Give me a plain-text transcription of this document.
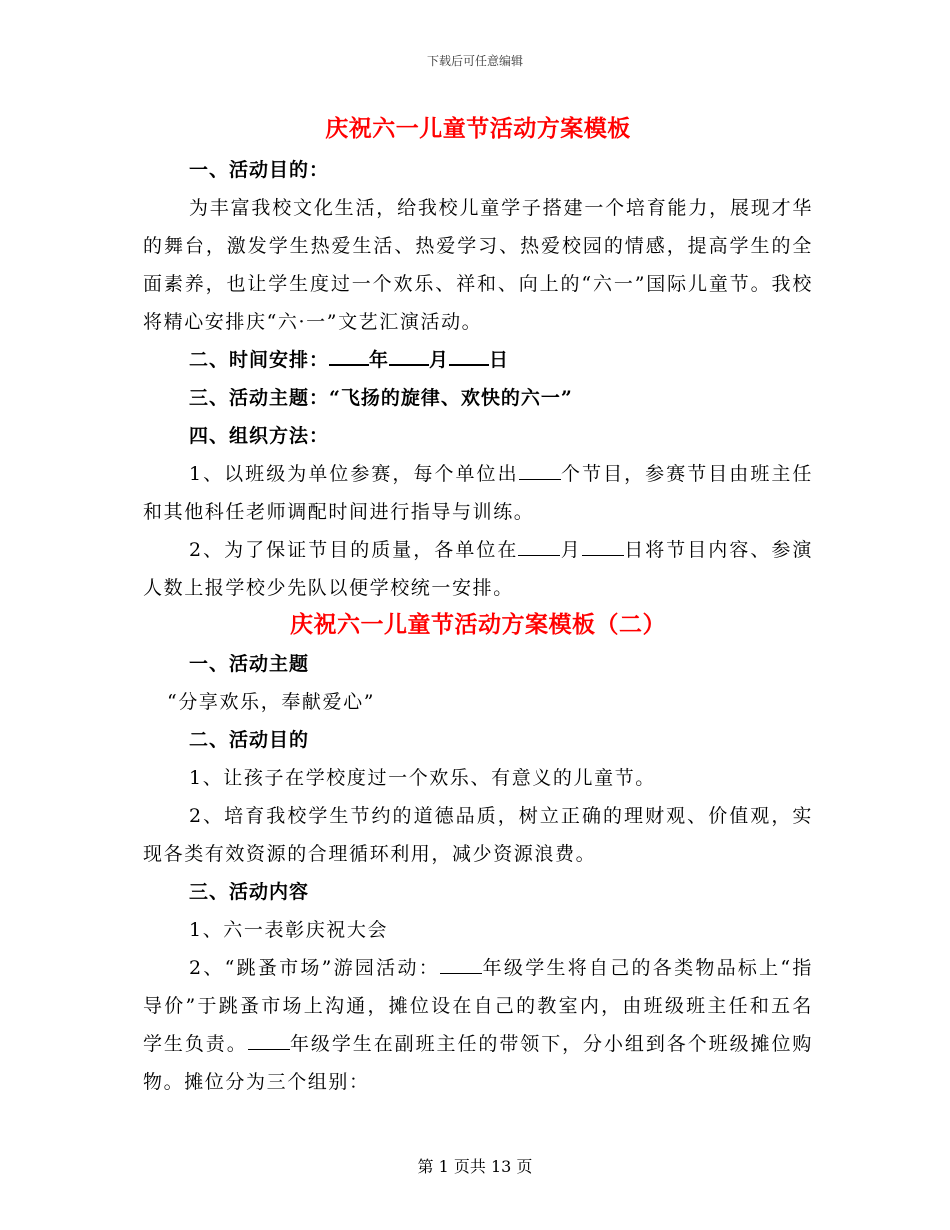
下载后可任意编辑
庆祝六一儿童节活动方案模板

一、活动目的：

为丰富我校文化生活，给我校儿童学子搭建一个培育能力，展现才华的舞台，激发学生热爱生活、热爱学习、热爱校园的情感，提高学生的全面素养，也让学生度过一个欢乐、祥和、向上的“六一”国际儿童节。我校将精心安排庆“六·一”文艺汇演活动。

二、时间安排： 年 月 日

三、活动主题：“飞扬的旋律、欢快的六一”

四、组织方法：

1、以班级为单位参赛，每个单位出 个节目，参赛节目由班主任和其他科任老师调配时间进行指导与训练。

2、为了保证节目的质量，各单位在 月 日将节目内容、参演人数上报学校少先队以便学校统一安排。

庆祝六一儿童节活动方案模板（二）

一、活动主题

“分享欢乐，奉献爱心”

二、活动目的

1、让孩子在学校度过一个欢乐、有意义的儿童节。

2、培育我校学生节约的道德品质，树立正确的理财观、价值观，实现各类有效资源的合理循环利用，减少资源浪费。

三、活动内容

1、六一表彰庆祝大会

2、“跳蚤市场”游园活动： 年级学生将自己的各类物品标上“指导价”于跳蚤市场上沟通，摊位设在自己的教室内，由班级班主任和五名学生负责。 年级学生在副班主任的带领下，分小组到各个班级摊位购物。摊位分为三个组别：

第 1 页共 13 页
